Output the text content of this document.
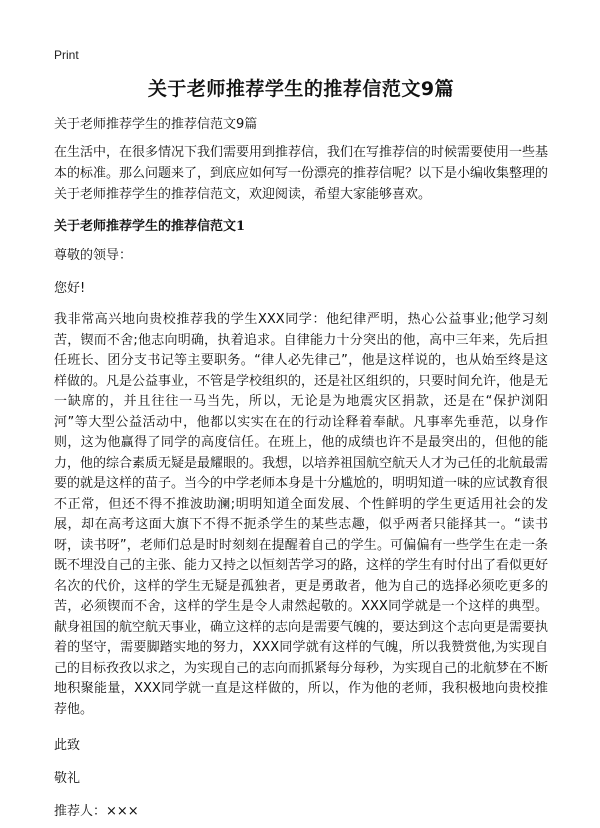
Print
关于老师推荐学生的推荐信范文9篇

关于老师推荐学生的推荐信范文9篇

在生活中，在很多情况下我们需要用到推荐信，我们在写推荐信的时候需要使用一些基本的标准。那么问题来了，到底应如何写一份漂亮的推荐信呢？以下是小编收集整理的关于老师推荐学生的推荐信范文，欢迎阅读，希望大家能够喜欢。

关于老师推荐学生的推荐信范文1

尊敬的领导：

您好!

我非常高兴地向贵校推荐我的学生XXX同学：他纪律严明，热心公益事业;他学习刻苦，锲而不舍;他志向明确，执着追求。自律能力十分突出的他，高中三年来，先后担任班长、团分支书记等主要职务。“律人必先律己”，他是这样说的，也从始至终是这样做的。凡是公益事业，不管是学校组织的，还是社区组织的，只要时间允许，他是无一缺席的，并且往往一马当先，所以，无论是为地震灾区捐款，还是在“保护浏阳河”等大型公益活动中，他都以实实在在的行动诠释着奉献。凡事率先垂范，以身作则，这为他赢得了同学的高度信任。在班上，他的成绩也许不是最突出的，但他的能力，他的综合素质无疑是最耀眼的。我想，以培养祖国航空航天人才为己任的北航最需要的就是这样的苗子。当今的中学老师本身是十分尴尬的，明明知道一味的应试教育很不正常，但还不得不推波助澜;明明知道全面发展、个性鲜明的学生更适用社会的发展，却在高考这面大旗下不得不扼杀学生的某些志趣，似乎两者只能择其一。“读书呀，读书呀”，老师们总是时时刻刻在提醒着自己的学生。可偏偏有一些学生在走一条既不埋没自己的主张、能力又持之以恒刻苦学习的路，这样的学生有时付出了看似更好名次的代价，这样的学生无疑是孤独者，更是勇敢者，他为自己的选择必须吃更多的苦，必须锲而不舍，这样的学生是令人肃然起敬的。XXX同学就是一个这样的典型。献身祖国的航空航天事业，确立这样的志向是需要气魄的，要达到这个志向更是需要执着的坚守，需要脚踏实地的努力，XXX同学就有这样的气魄，所以我赞赏他,为实现自己的目标孜孜以求之，为实现自己的志向而抓紧每分每秒，为实现自己的北航梦在不断地积聚能量，XXX同学就一直是这样做的，所以，作为他的老师，我积极地向贵校推荐他。

此致

敬礼

推荐人：×××
